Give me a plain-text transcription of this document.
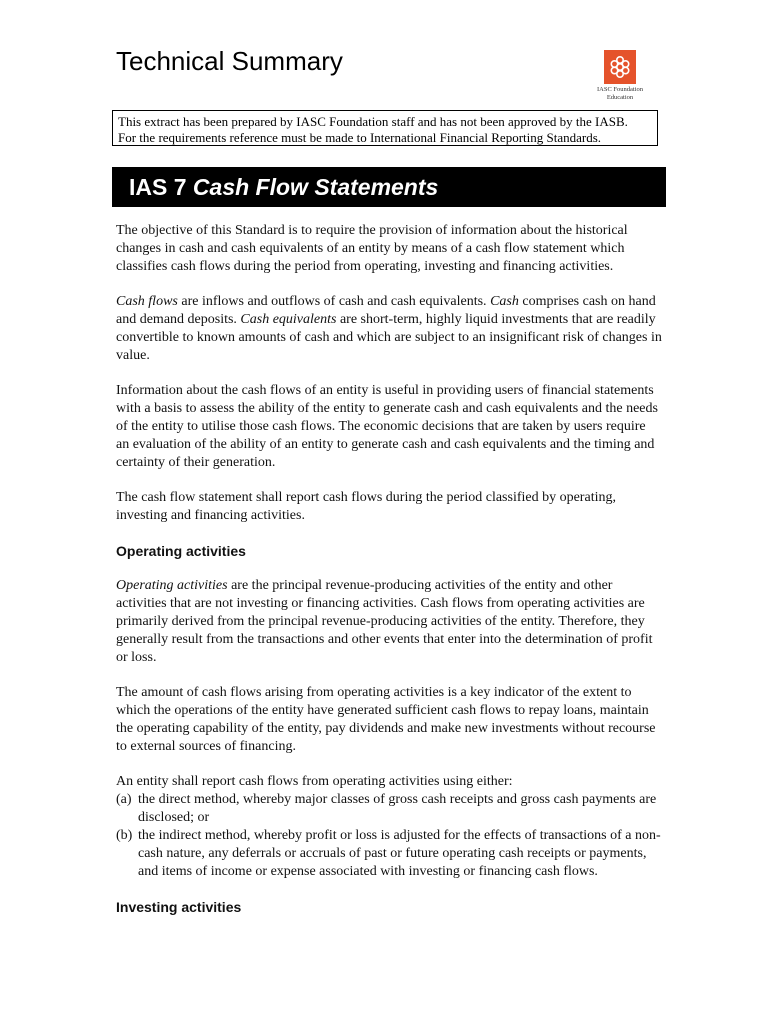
Technical Summary
IASC Foundation
Education
This extract has been prepared by IASC Foundation staff and has not been approved by the IASB.
For the requirements reference must be made to International Financial Reporting Standards.
IAS 7 Cash Flow Statements

The objective of this Standard is to require the provision of information about the historical changes in cash and cash equivalents of an entity by means of a cash flow statement which classifies cash flows during the period from operating, investing and financing activities.

Cash flows are inflows and outflows of cash and cash equivalents. Cash comprises cash on hand and demand deposits. Cash equivalents are short-term, highly liquid investments that are readily convertible to known amounts of cash and which are subject to an insignificant risk of changes in value.

Information about the cash flows of an entity is useful in providing users of financial statements with a basis to assess the ability of the entity to generate cash and cash equivalents and the needs of the entity to utilise those cash flows. The economic decisions that are taken by users require an evaluation of the ability of an entity to generate cash and cash equivalents and the timing and certainty of their generation.

The cash flow statement shall report cash flows during the period classified by operating, investing and financing activities.

Operating activities

Operating activities are the principal revenue-producing activities of the entity and other activities that are not investing or financing activities. Cash flows from operating activities are primarily derived from the principal revenue-producing activities of the entity. Therefore, they generally result from the transactions and other events that enter into the determination of profit or loss.

The amount of cash flows arising from operating activities is a key indicator of the extent to which the operations of the entity have generated sufficient cash flows to repay loans, maintain the operating capability of the entity, pay dividends and make new investments without recourse to external sources of financing.

An entity shall report cash flows from operating activities using either:

(a) the direct method, whereby major classes of gross cash receipts and gross cash payments are disclosed; or
(b) the indirect method, whereby profit or loss is adjusted for the effects of transactions of a non-cash nature, any deferrals or accruals of past or future operating cash receipts or payments, and items of income or expense associated with investing or financing cash flows.
Investing activities
